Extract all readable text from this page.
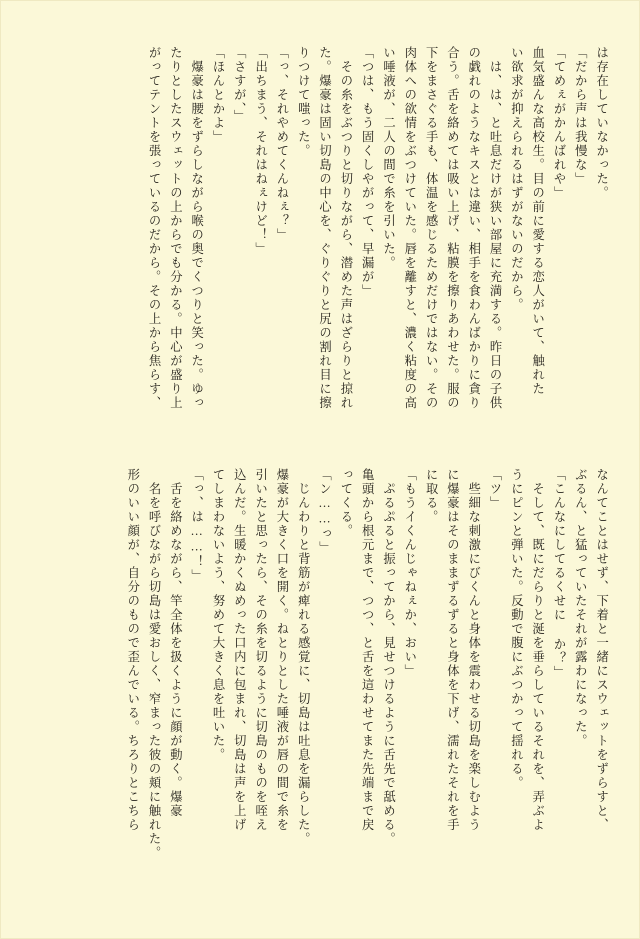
は存在していなかった。
「だから声は我慢な」
「てめぇがかんばれや」
血気盛んな高校生。目の前に愛する恋人がいて、触れた
い欲求が抑えられるはずがないのだから。
　は、は、と吐息だけが狭い部屋に充満する。昨日の子供
の戯れのようなキスとは違い、相手を食わんばかりに貪り
合う。舌を絡めては吸い上げ、粘膜を擦りあわせた。服の
下をまさぐる手も、体温を感じるためだけではない。その
肉体への欲情をぶつけていた。唇を離すと、濃く粘度の高
い唾液が、二人の間で糸を引いた。
「つは、もう固くしやがって、早漏が」
　その糸をぶつりと切りながら、潜めた声はざらりと掠れ
た。爆豪は固い切島の中心を、ぐりぐりと尻の割れ目に擦
りつけて嗤った。
「っ、それやめてくんねぇ？」
「出ちまう、それはねぇけど！」
「さすが、」
「ほんとかよ」
　爆豪は腰をずらしながら喉の奥でくつりと笑った。ゆっ
たりとしたスウェットの上からでも分かる。中心が盛り上
がってテントを張っているのだから。その上から焦らす、
なんてことはせず、下着と一緒にスウェットをずらすと、
ぶるん、と猛っていたそれが露わになった。
「こんなにしてるくせに か？」
　そして、既にだらりと涎を垂らしているそれを、弄ぶよ
うにピンと弾いた。反動で腹にぶつかって揺れる。
「ツ」
　些細な刺激にびくんと身体を震わせる切島を楽しむよう
に爆豪はそのままずるずると身体を下げ、濡れたそれを手
に取る。
「もうイくんじゃねぇか、おい」
　ぷるぷると振ってから、見せつけるように舌先で舐める。
亀頭から根元まで、つつ、と舌を這わせてまた先端まで戻
ってくる。
「ン……っ」
　じんわりと背筋が痺れる感覚に、切島は吐息を漏らした。
爆豪が大きく口を開く。ねとりとした唾液が唇の間で糸を
引いたと思ったら、その糸を切るように切島のものを咥え
込んだ。生暖かくぬめった口内に包まれ、切島は声を上げ
てしまわないよう、努めて大きく息を吐いた。
「っ、は……！」
　舌を絡めながら、竿全体を扱くように顔が動く。爆豪
　名を呼びながら切島は愛おしく、窄まった彼の頬に触れた。
形のいい顔が、自分のもので歪んでいる。ちろりとこちら
